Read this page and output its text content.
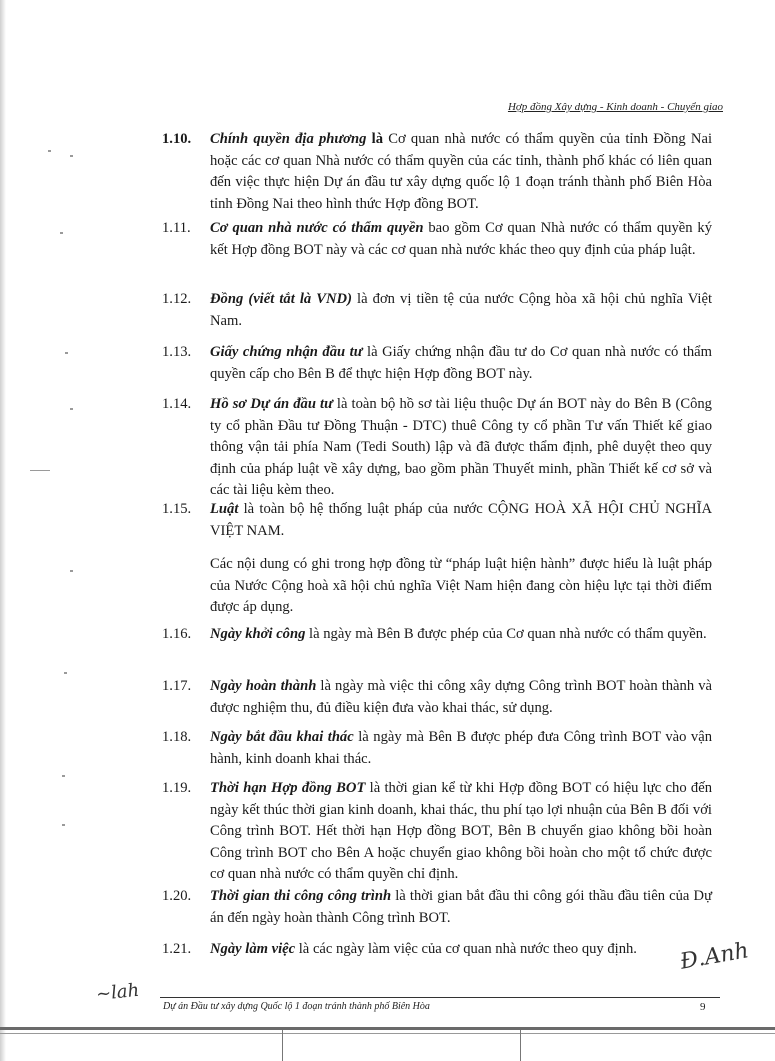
Hợp đồng Xây dựng - Kinh doanh - Chuyển giao
1.10.	Chính quyền địa phương là Cơ quan nhà nước có thẩm quyền của tỉnh Đồng Nai hoặc các cơ quan Nhà nước có thẩm quyền của các tỉnh, thành phố khác có liên quan đến việc thực hiện Dự án đầu tư xây dựng quốc lộ 1 đoạn tránh thành phố Biên Hòa tỉnh Đồng Nai theo hình thức Hợp đồng BOT.
1.11.	Cơ quan nhà nước có thẩm quyền bao gồm Cơ quan Nhà nước có thẩm quyền ký kết Hợp đồng BOT này và các cơ quan nhà nước khác theo quy định của pháp luật.
1.12.	Đồng (viết tắt là VND) là đơn vị tiền tệ của nước Cộng hòa xã hội chủ nghĩa Việt Nam.
1.13.	Giấy chứng nhận đầu tư là Giấy chứng nhận đầu tư do Cơ quan nhà nước có thẩm quyền cấp cho Bên B để thực hiện Hợp đồng BOT này.
1.14.	Hồ sơ Dự án đầu tư là toàn bộ hồ sơ tài liệu thuộc Dự án BOT này do Bên B (Công ty cổ phần Đầu tư Đồng Thuận - DTC) thuê Công ty cổ phần Tư vấn Thiết kế giao thông vận tải phía Nam (Tedi South) lập và đã được thẩm định, phê duyệt theo quy định của pháp luật về xây dựng, bao gồm phần Thuyết minh, phần Thiết kế cơ sở và các tài liệu kèm theo.
1.15.	Luật là toàn bộ hệ thống luật pháp của nước CỘNG HOÀ XÃ HỘI CHỦ NGHĨA VIỆT NAM.
Các nội dung có ghi trong hợp đồng từ “pháp luật hiện hành” được hiểu là luật pháp của Nước Cộng hoà xã hội chủ nghĩa Việt Nam hiện đang còn hiệu lực tại thời điểm được áp dụng.
1.16.	Ngày khởi công là ngày mà Bên B được phép của Cơ quan nhà nước có thẩm quyền.
1.17.	Ngày hoàn thành là ngày mà việc thi công xây dựng Công trình BOT hoàn thành và được nghiệm thu, đủ điều kiện đưa vào khai thác, sử dụng.
1.18.	Ngày bắt đầu khai thác là ngày mà Bên B được phép đưa Công trình BOT vào vận hành, kinh doanh khai thác.
1.19.	Thời hạn Hợp đồng BOT là thời gian kể từ khi Hợp đồng BOT có hiệu lực cho đến ngày kết thúc thời gian kinh doanh, khai thác, thu phí tạo lợi nhuận của Bên B đối với Công trình BOT. Hết thời hạn Hợp đồng BOT, Bên B chuyển giao không bồi hoàn Công trình BOT cho Bên A hoặc chuyển giao không bồi hoàn cho một tổ chức được cơ quan nhà nước có thẩm quyền chỉ định.
1.20.	Thời gian thi công công trình là thời gian bắt đầu thi công gói thầu đầu tiên của Dự án đến ngày hoàn thành Công trình BOT.
1.21.	Ngày làm việc là các ngày làm việc của cơ quan nhà nước theo quy định.	Đ.Anh
~lah
Dự án Đầu tư xây dựng Quốc lộ 1 đoạn tránh thành phố Biên Hòa	9
